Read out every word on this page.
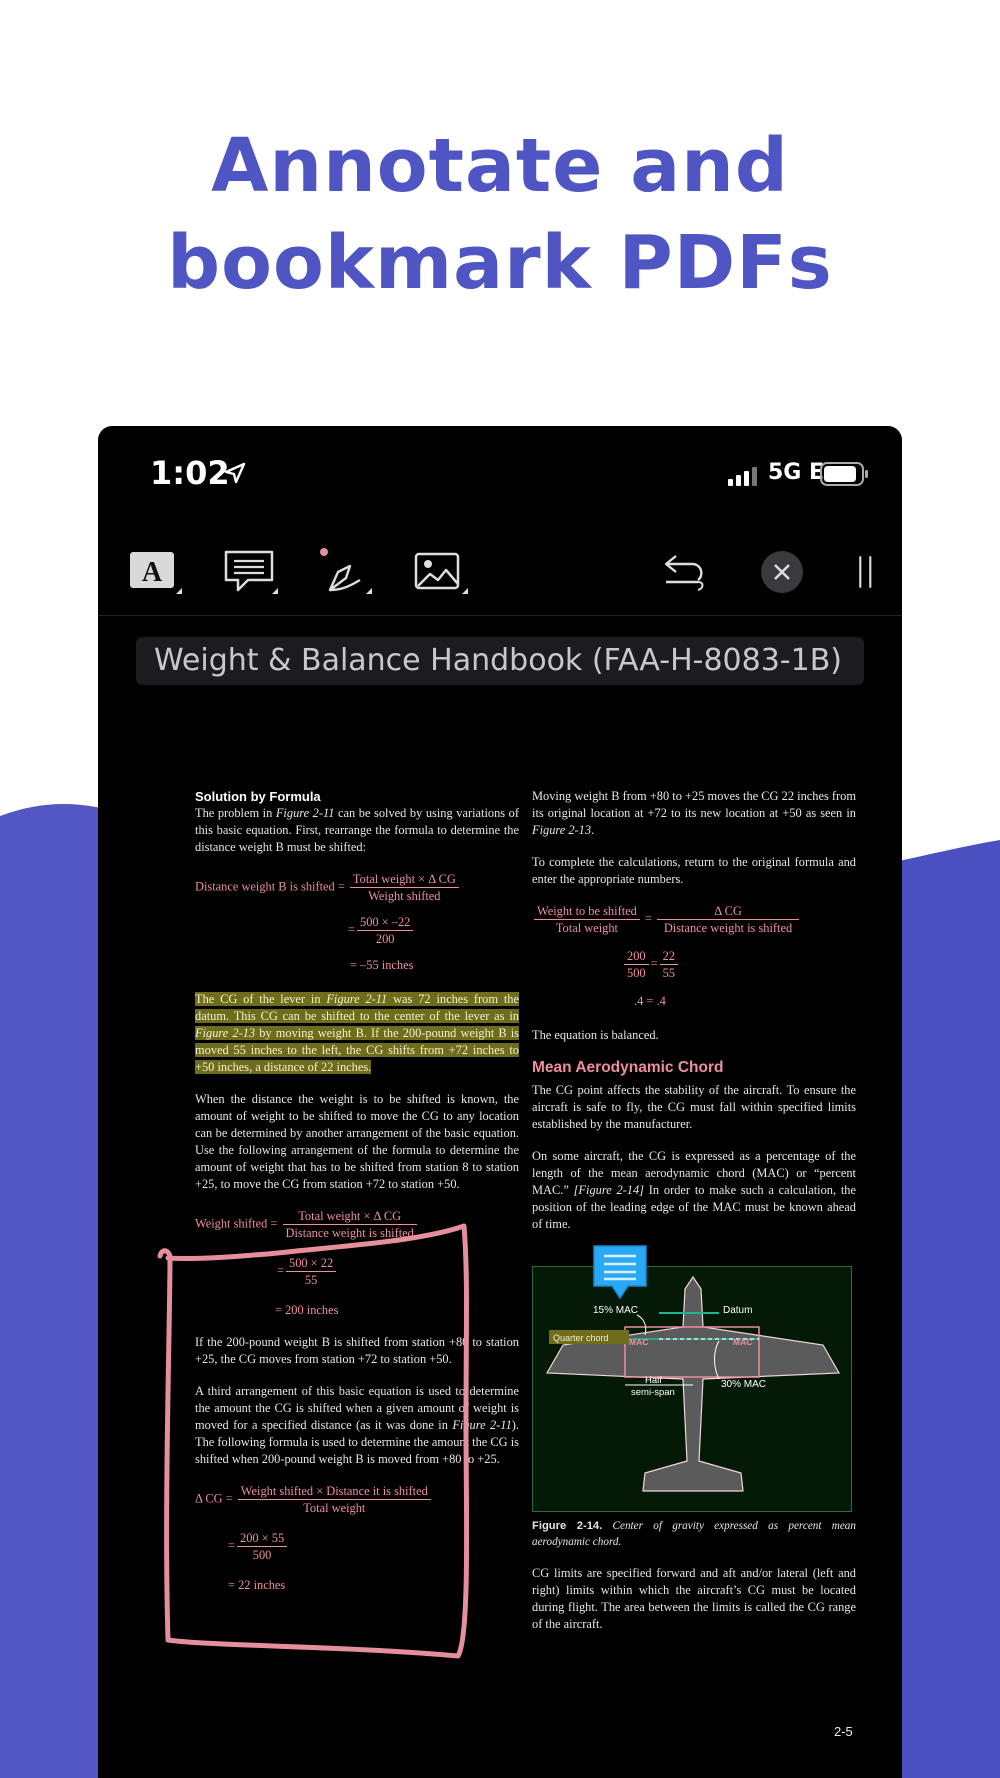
Annotate and
bookmark PDFs
1:02	5G E
A
Weight & Balance Handbook (FAA-H-8083-1B)
Solution by Formula
The problem in Figure 2-11 can be solved by using variations of this basic equation. First, rearrange the formula to determine the distance weight B must be shifted:
Distance weight B is shifted = $\frac{\text{Total weight × Δ CG}}{\text{Weight shifted}}$
= $\frac{500 \times -22}{200}$
= –55 inches
The CG of the lever in Figure 2-11 was 72 inches from the datum. This CG can be shifted to the center of the lever as in Figure 2-13 by moving weight B. If the 200-pound weight B is moved 55 inches to the left, the CG shifts from +72 inches to +50 inches, a distance of 22 inches.
When the distance the weight is to be shifted is known, the amount of weight to be shifted to move the CG to any location can be determined by another arrangement of the basic equation. Use the following arrangement of the formula to determine the amount of weight that has to be shifted from station 8 to station +25, to move the CG from station +72 to station +50.
Weight shifted = $\frac{\text{Total weight × Δ CG}}{\text{Distance weight is shifted}}$
= $\frac{500 \times 22}{55}$
= 200 inches
If the 200-pound weight B is shifted from station +80 to station +25, the CG moves from station +72 to station +50.
A third arrangement of this basic equation is used to determine the amount the CG is shifted when a given amount of weight is moved for a specified distance (as it was done in Figure 2-11). The following formula is used to determine the amount the CG is shifted when 200-pound weight B is moved from +80 to +25.
Δ CG = $\frac{\text{Weight shifted × Distance it is shifted}}{\text{Total weight}}$
= $\frac{200 \times 55}{500}$
= 22 inches
Moving weight B from +80 to +25 moves the CG 22 inches from its original location at +72 to its new location at +50 as seen in Figure 2-13.
To complete the calculations, return to the original formula and enter the appropriate numbers.
$\frac{\text{Weight to be shifted}}{\text{Total weight}} = \frac{\text{Δ CG}}{\text{Distance weight is shifted}}$
$\frac{200}{500} = \frac{22}{55}$
.4 = .4
The equation is balanced.
Mean Aerodynamic Chord
The CG point affects the stability of the aircraft. To ensure the aircraft is safe to fly, the CG must fall within specified limits established by the manufacturer.
On some aircraft, the CG is expressed as a percentage of the length of the mean aerodynamic chord (MAC) or “percent MAC.” [Figure 2-14] In order to make such a calculation, the position of the leading edge of the MAC must be known ahead of time.
Figure 2-14. Center of gravity expressed as percent mean aerodynamic chord.
CG limits are specified forward and aft and/or lateral (left and right) limits within which the aircraft’s CG must be located during flight. The area between the limits is called the CG range of the aircraft.
Quarter chord
15% MAC	Datum
MAC	MAC
Half
semi-span
30% MAC
2-5
